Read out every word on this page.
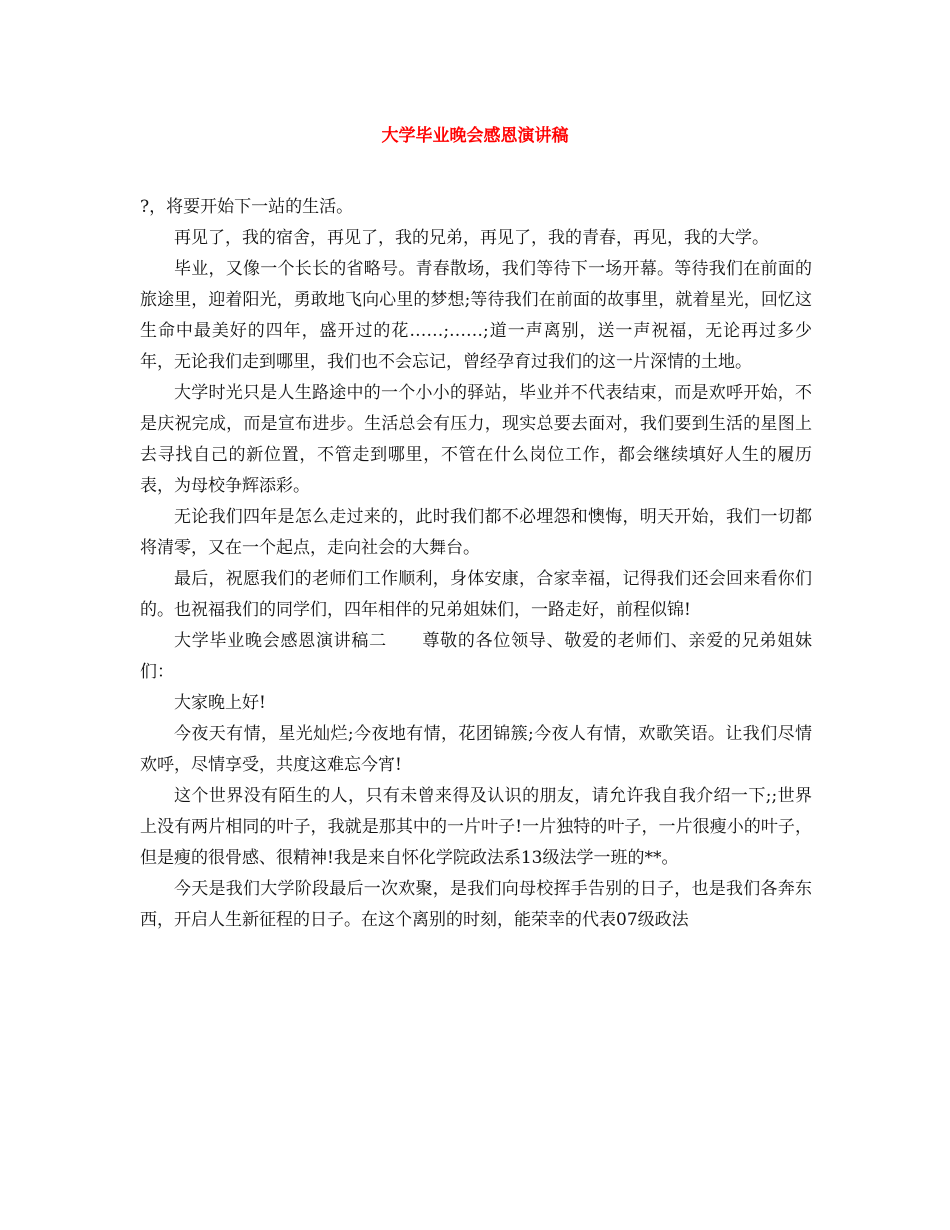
大学毕业晚会感恩演讲稿

?，将要开始下一站的生活。

再见了，我的宿舍，再见了，我的兄弟，再见了，我的青春，再见，我的大学。

毕业，又像一个长长的省略号。青春散场，我们等待下一场开幕。等待我们在前面的旅途里，迎着阳光，勇敢地飞向心里的梦想;等待我们在前面的故事里，就着星光，回忆这生命中最美好的四年，盛开过的花……;……;道一声离别，送一声祝福，无论再过多少年，无论我们走到哪里，我们也不会忘记，曾经孕育过我们的这一片深情的土地。

大学时光只是人生路途中的一个小小的驿站，毕业并不代表结束，而是欢呼开始，不是庆祝完成，而是宣布进步。生活总会有压力，现实总要去面对，我们要到生活的星图上去寻找自己的新位置，不管走到哪里，不管在什么岗位工作，都会继续填好人生的履历表，为母校争辉添彩。

无论我们四年是怎么走过来的，此时我们都不必埋怨和懊悔，明天开始，我们一切都将清零，又在一个起点，走向社会的大舞台。

最后，祝愿我们的老师们工作顺利，身体安康，合家幸福，记得我们还会回来看你们的。也祝福我们的同学们，四年相伴的兄弟姐妹们，一路走好，前程似锦!

大学毕业晚会感恩演讲稿二　　尊敬的各位领导、敬爱的老师们、亲爱的兄弟姐妹们：

大家晚上好!

今夜天有情，星光灿烂;今夜地有情，花团锦簇;今夜人有情，欢歌笑语。让我们尽情欢呼，尽情享受，共度这难忘今宵!

这个世界没有陌生的人，只有未曾来得及认识的朋友，请允许我自我介绍一下;;世界上没有两片相同的叶子，我就是那其中的一片叶子!一片独特的叶子，一片很瘦小的叶子，但是瘦的很骨感、很精神!我是来自怀化学院政法系13级法学一班的**。

今天是我们大学阶段最后一次欢聚，是我们向母校挥手告别的日子，也是我们各奔东西，开启人生新征程的日子。在这个离别的时刻，能荣幸的代表07级政法
